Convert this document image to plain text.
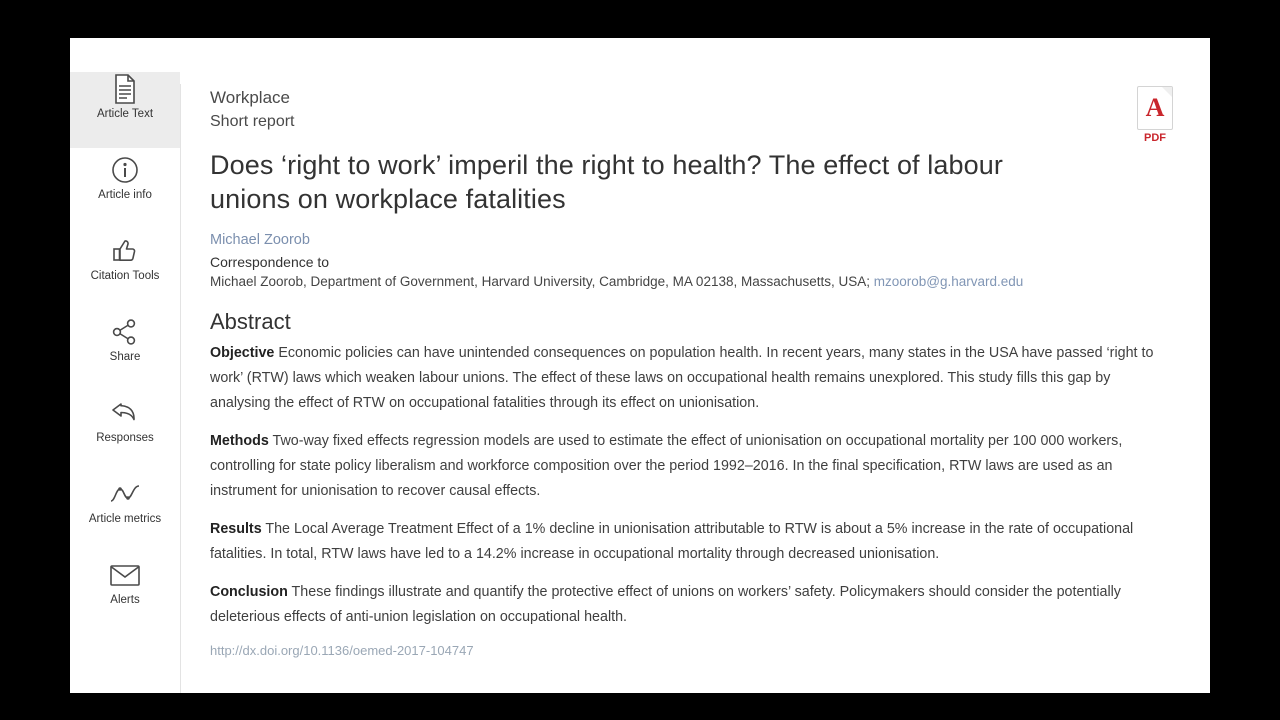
Article Text
Article info
Citation Tools
Share
Responses
Article metrics
Alerts
A
PDF
Workplace
Short report
Does ‘right to work’ imperil the right to health? The effect of labour unions on workplace fatalities
Michael Zoorob
Correspondence to
Michael Zoorob, Department of Government, Harvard University, Cambridge, MA 02138, Massachusetts, USA; mzoorob@g.harvard.edu
Abstract

Objective Economic policies can have unintended consequences on population health. In recent years, many states in the USA have passed ‘right to work’ (RTW) laws which weaken labour unions. The effect of these laws on occupational health remains unexplored. This study fills this gap by analysing the effect of RTW on occupational fatalities through its effect on unionisation.

Methods Two-way fixed effects regression models are used to estimate the effect of unionisation on occupational mortality per 100 000 workers, controlling for state policy liberalism and workforce composition over the period 1992–2016. In the final specification, RTW laws are used as an instrument for unionisation to recover causal effects.

Results The Local Average Treatment Effect of a 1% decline in unionisation attributable to RTW is about a 5% increase in the rate of occupational fatalities. In total, RTW laws have led to a 14.2% increase in occupational mortality through decreased unionisation.

Conclusion These findings illustrate and quantify the protective effect of unions on workers’ safety. Policymakers should consider the potentially deleterious effects of anti-union legislation on occupational health.

http://dx.doi.org/10.1136/oemed-2017-104747
